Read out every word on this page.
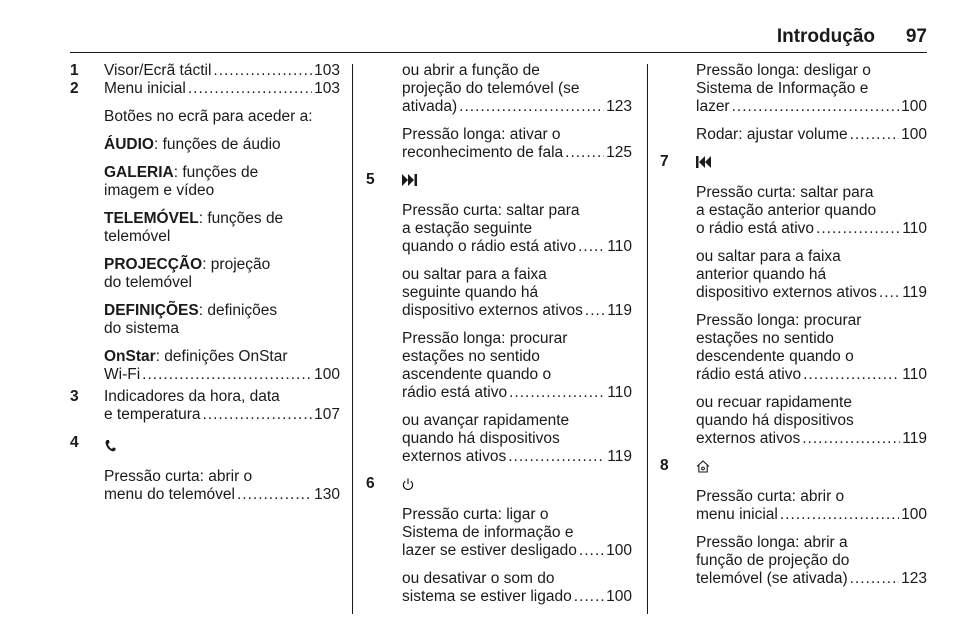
Introdução 97
1 Visor/Ecrã táctil .....	103
2 Menu inicial .....	103
Botões no ecrã para aceder a:
ÁUDIO: funções de áudio
GALERIA: funções de
imagem e vídeo
TELEMÓVEL: funções de
telemóvel
PROJECÇÃO: projeção
do telemóvel
DEFINIÇÕES: definições
do sistema
OnStar: definições OnStar
Wi-Fi .....	100
3 Indicadores da hora, data
e temperatura .....	107
4
Pressão curta: abrir o
menu do telemóvel .....	130
ou abrir a função de
projeção do telemóvel (se
ativada) .....	123
Pressão longa: ativar o
reconhecimento de fala .....	125
5
Pressão curta: saltar para
a estação seguinte
quando o rádio está ativo ..... 110
ou saltar para a faixa
seguinte quando há
dispositivo externos ativos ..... 119
Pressão longa: procurar
estações no sentido
ascendente quando o
rádio está ativo .....	110
ou avançar rapidamente
quando há dispositivos
externos ativos .....	119
6
Pressão curta: ligar o
Sistema de informação e
lazer se estiver desligado ..... 100
ou desativar o som do
sistema se estiver ligado ..... 100
Pressão longa: desligar o
Sistema de Informação e
lazer .....	100
Rodar: ajustar volume .....	100
7
Pressão curta: saltar para
a estação anterior quando
o rádio está ativo .....	110
ou saltar para a faixa
anterior quando há
dispositivo externos ativos ..... 119
Pressão longa: procurar
estações no sentido
descendente quando o
rádio está ativo .....	110
ou recuar rapidamente
quando há dispositivos
externos ativos .....	119
8
Pressão curta: abrir o
menu inicial .....	100
Pressão longa: abrir a
função de projeção do
telemóvel (se ativada) .....	123
